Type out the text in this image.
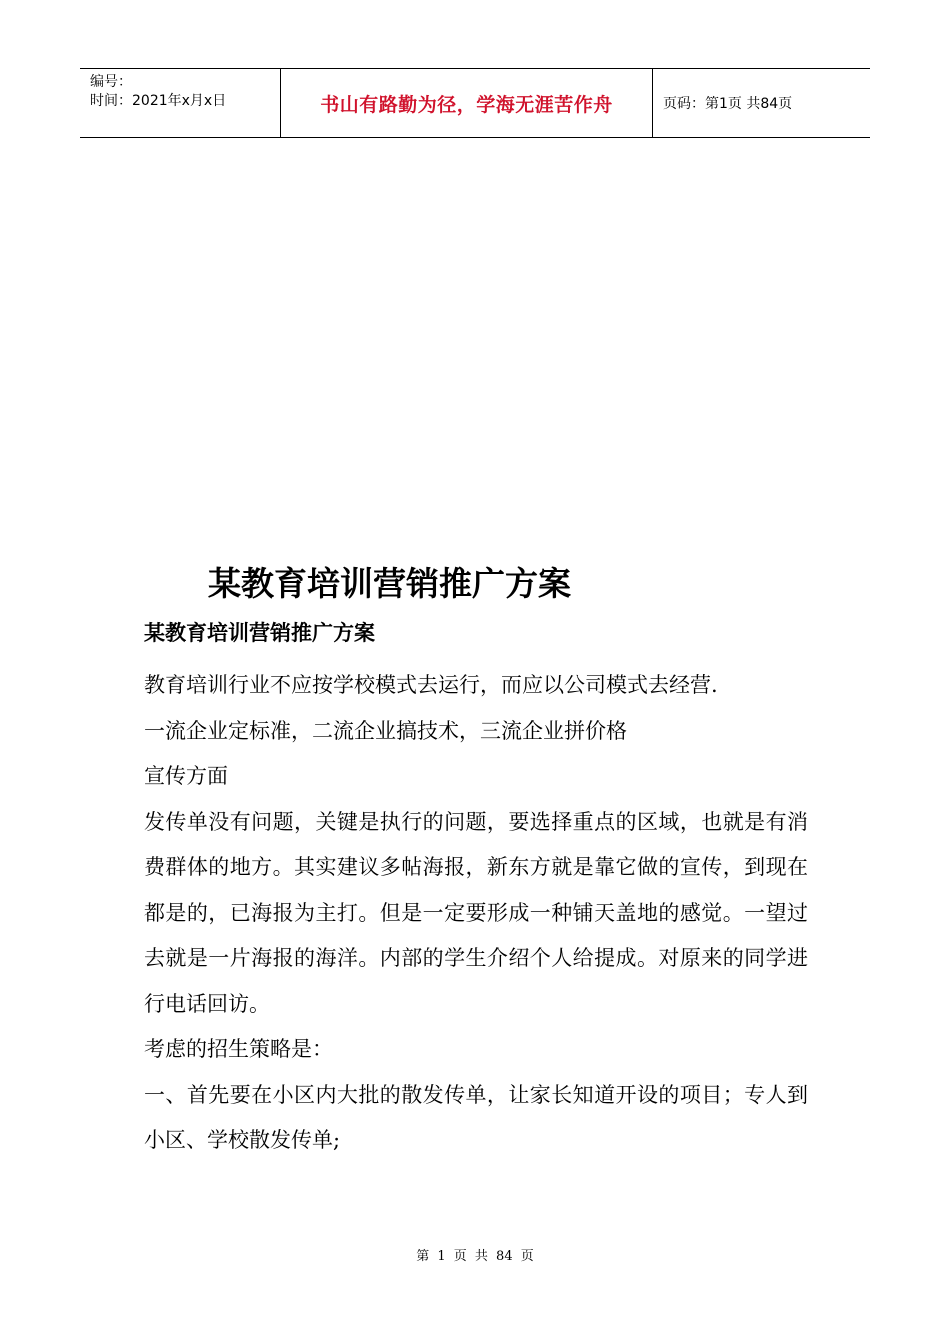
编号：
时间：2021年x月x日	书山有路勤为径，学海无涯苦作舟	页码：第1页 共84页
某教育培训营销推广方案
某教育培训营销推广方案

教育培训行业不应按学校模式去运行，而应以公司模式去经营.

一流企业定标准，二流企业搞技术，三流企业拼价格

宣传方面

发传单没有问题，关键是执行的问题，要选择重点的区域，也就是有消费群体的地方。其实建议多帖海报，新东方就是靠它做的宣传，到现在都是的，已海报为主打。但是一定要形成一种铺天盖地的感觉。一望过去就是一片海报的海洋。内部的学生介绍个人给提成。对原来的同学进行电话回访。

考虑的招生策略是：

一、首先要在小区内大批的散发传单，让家长知道开设的项目；专人到小区、学校散发传单;

第 1 页 共 84 页
